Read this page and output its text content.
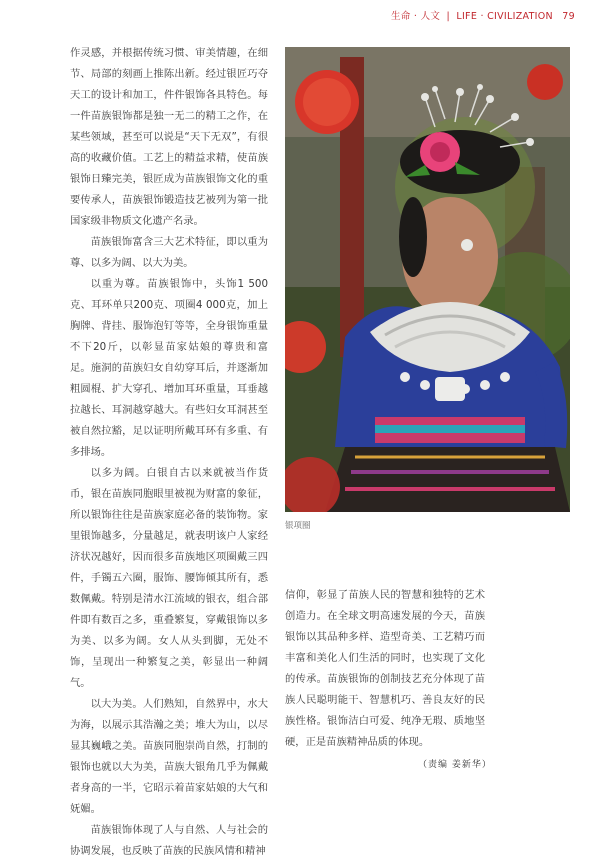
生命 · 人文 | LIFE · CIVILIZATION 79

作灵感，并根据传统习惯、审美情趣，在细节、局部的刻画上推陈出新。经过银匠巧夺天工的设计和加工，件件银饰各具特色。每一件苗族银饰都是独一无二的精工之作，在某些领域，甚至可以说是“天下无双”，有很高的收藏价值。工艺上的精益求精，使苗族银饰日臻完美，银匠成为苗族银饰文化的重要传承人，苗族银饰锻造技艺被列为第一批国家级非物质文化遗产名录。

苗族银饰富含三大艺术特征，即以重为尊、以多为阔、以大为美。

以重为尊。苗族银饰中，头饰1 500克、耳环单只200克、项圈4 000克，加上胸牌、背挂、服饰泡钉等等，全身银饰重量不下20斤，以彰显苗家姑娘的尊贵和富足。施洞的苗族妇女自幼穿耳后，并逐渐加粗圆棍、扩大穿孔、增加耳环重量，耳垂越拉越长、耳洞越穿越大。有些妇女耳洞甚至被自然拉豁，足以证明所戴耳环有多重、有多排场。

以多为阔。白银自古以来就被当作货币，银在苗族同胞眼里被视为财富的象征，所以银饰往往是苗族家庭必备的装饰物。家里银饰越多，分量越足，就表明该户人家经济状况越好，因而很多苗族地区项圈戴三四件，手镯五六圈，服饰、腰饰倾其所有，悉数佩戴。特别是清水江流域的银衣，组合部件即有数百之多，重叠繁复，穿戴银饰以多为美、以多为阔。女人从头到脚，无处不饰，呈现出一种繁复之美，彰显出一种阔气。

以大为美。人们熟知，自然界中，水大为海，以展示其浩瀚之美；堆大为山，以尽显其巍峨之美。苗族同胞崇尚自然，打制的银饰也就以大为美，苗族大银角几乎为佩戴者身高的一半，它昭示着苗家姑娘的大气和妩媚。

苗族银饰体现了人与自然、人与社会的协调发展，也反映了苗族的民族风情和精神

银项圈

信仰，彰显了苗族人民的智慧和独特的艺术创造力。在全球文明高速发展的今天，苗族银饰以其品种多样、造型奇美、工艺精巧而丰富和美化人们生活的同时，也实现了文化的传承。苗族银饰的创制技艺充分体现了苗族人民聪明能干、智慧机巧、善良友好的民族性格。银饰洁白可爱、纯净无瑕、质地坚硬，正是苗族精神品质的体现。

（责编 姜新华）
